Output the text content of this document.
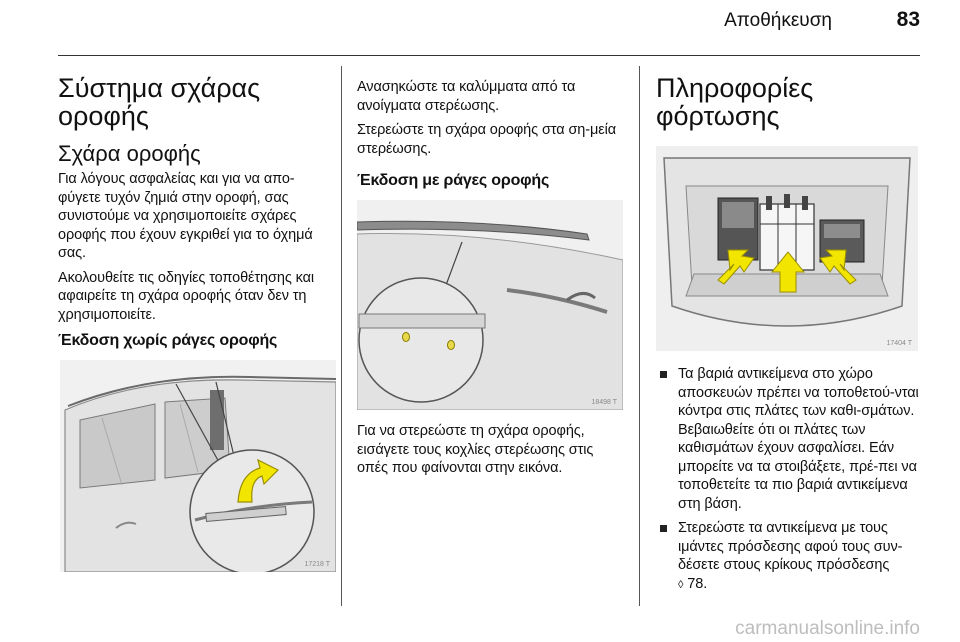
Αποθήκευση	83
Σύστημα σχάρας οροφής
Σχάρα οροφής

Για λόγους ασφαλείας και για να απο-φύγετε τυχόν ζημιά στην οροφή, σας συνιστούμε να χρησιμοποιείτε σχάρες οροφής που έχουν εγκριθεί για το όχημά σας.

Ακολουθείτε τις οδηγίες τοποθέτησης και αφαιρείτε τη σχάρα οροφής όταν δεν τη χρησιμοποιείτε.

Έκδοση χωρίς ράγες οροφής
17218 T

Ανασηκώστε τα καλύμματα από τα ανοίγματα στερέωσης.

Στερεώστε τη σχάρα οροφής στα ση-μεία στερέωσης.

Έκδοση με ράγες οροφής
18498 T

Για να στερεώστε τη σχάρα οροφής, εισάγετε τους κοχλίες στερέωσης στις οπές που φαίνονται στην εικόνα.

Πληροφορίες φόρτωσης
17404 T
Τα βαριά αντικείμενα στο χώρο αποσκευών πρέπει να τοποθετού-νται κόντρα στις πλάτες των καθι-σμάτων. Βεβαιωθείτε ότι οι πλάτες των καθισμάτων έχουν ασφαλίσει. Εάν μπορείτε να τα στοιβάξετε, πρέ-πει να τοποθετείτε τα πιο βαριά αντικείμενα στη βάση.
Στερεώστε τα αντικείμενα με τους ιμάντες πρόσδεσης αφού τους συν-δέσετε στους κρίκους πρόσδεσης
◊ 78.
carmanualsonline.info
